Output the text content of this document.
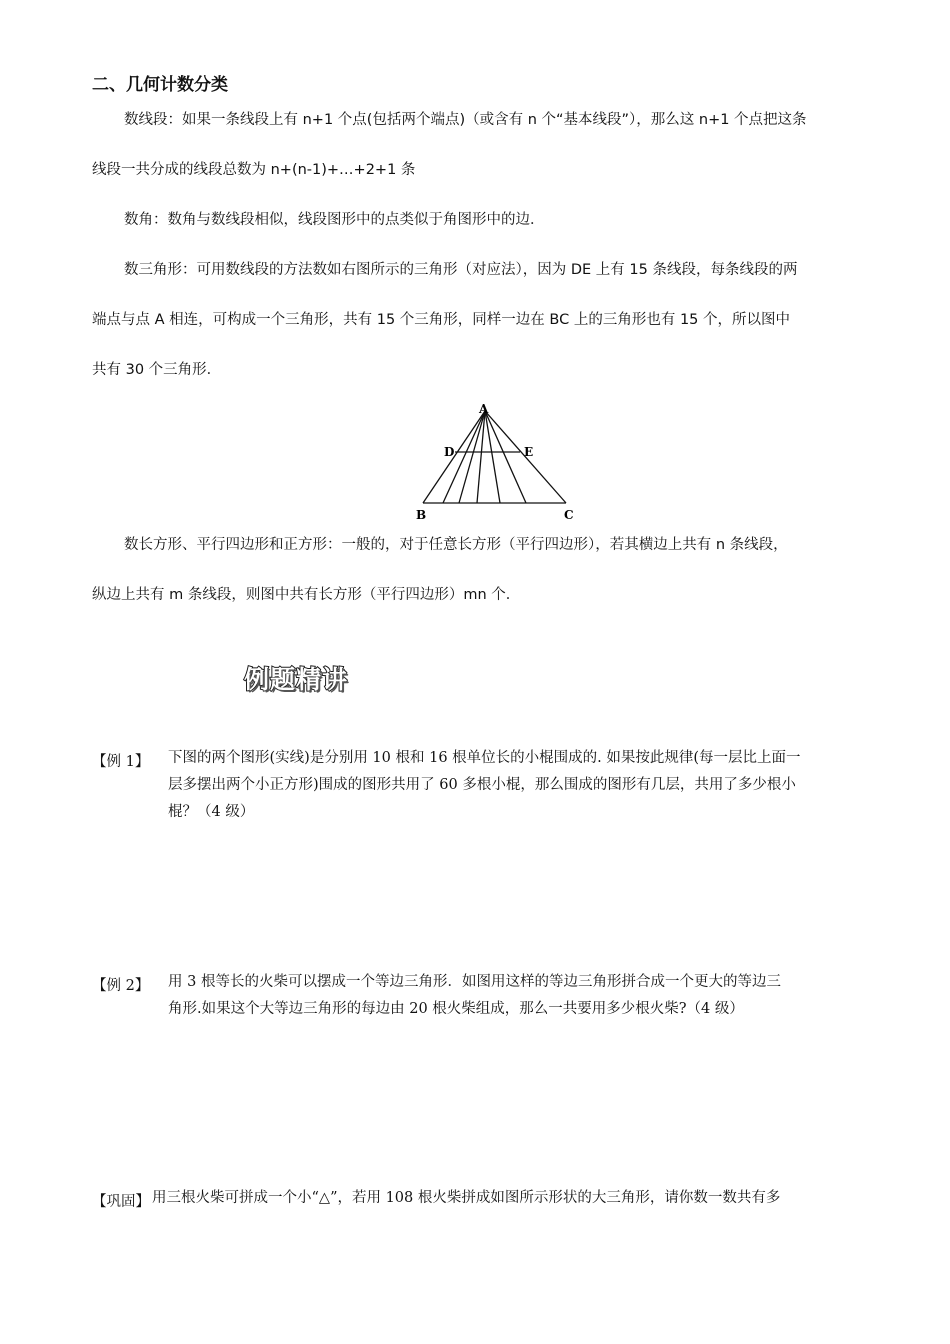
二、几何计数分类
数线段：如果一条线段上有 n+1 个点(包括两个端点)（或含有 n 个“基本线段”），那么这 n+1 个点把这条
线段一共分成的线段总数为 n+(n-1)+…+2+1 条
数角：数角与数线段相似，线段图形中的点类似于角图形中的边．
数三角形：可用数线段的方法数如右图所示的三角形（对应法），因为 DE 上有 15 条线段，每条线段的两
端点与点 A 相连，可构成一个三角形，共有 15 个三角形，同样一边在 BC 上的三角形也有 15 个，所以图中
共有 30 个三角形．
A
D	E
B	C
数长方形、平行四边形和正方形：一般的，对于任意长方形（平行四边形），若其横边上共有 n 条线段，
纵边上共有 m 条线段，则图中共有长方形（平行四边形）mn 个．
例题精讲
【例 1】 下图的两个图形(实线)是分别用 10 根和 16 根单位长的小棍围成的. 如果按此规律(每一层比上面一
层多摆出两个小正方形)围成的图形共用了 60 多根小棍，那么围成的图形有几层，共用了多少根小
棍？（4 级）
【例 2】 用 3 根等长的火柴可以摆成一个等边三角形．如图用这样的等边三角形拼合成一个更大的等边三
角形.如果这个大等边三角形的每边由 20 根火柴组成，那么一共要用多少根火柴?（4 级）
【巩固】 用三根火柴可拼成一个小“△”，若用 108 根火柴拼成如图所示形状的大三角形，请你数一数共有多
